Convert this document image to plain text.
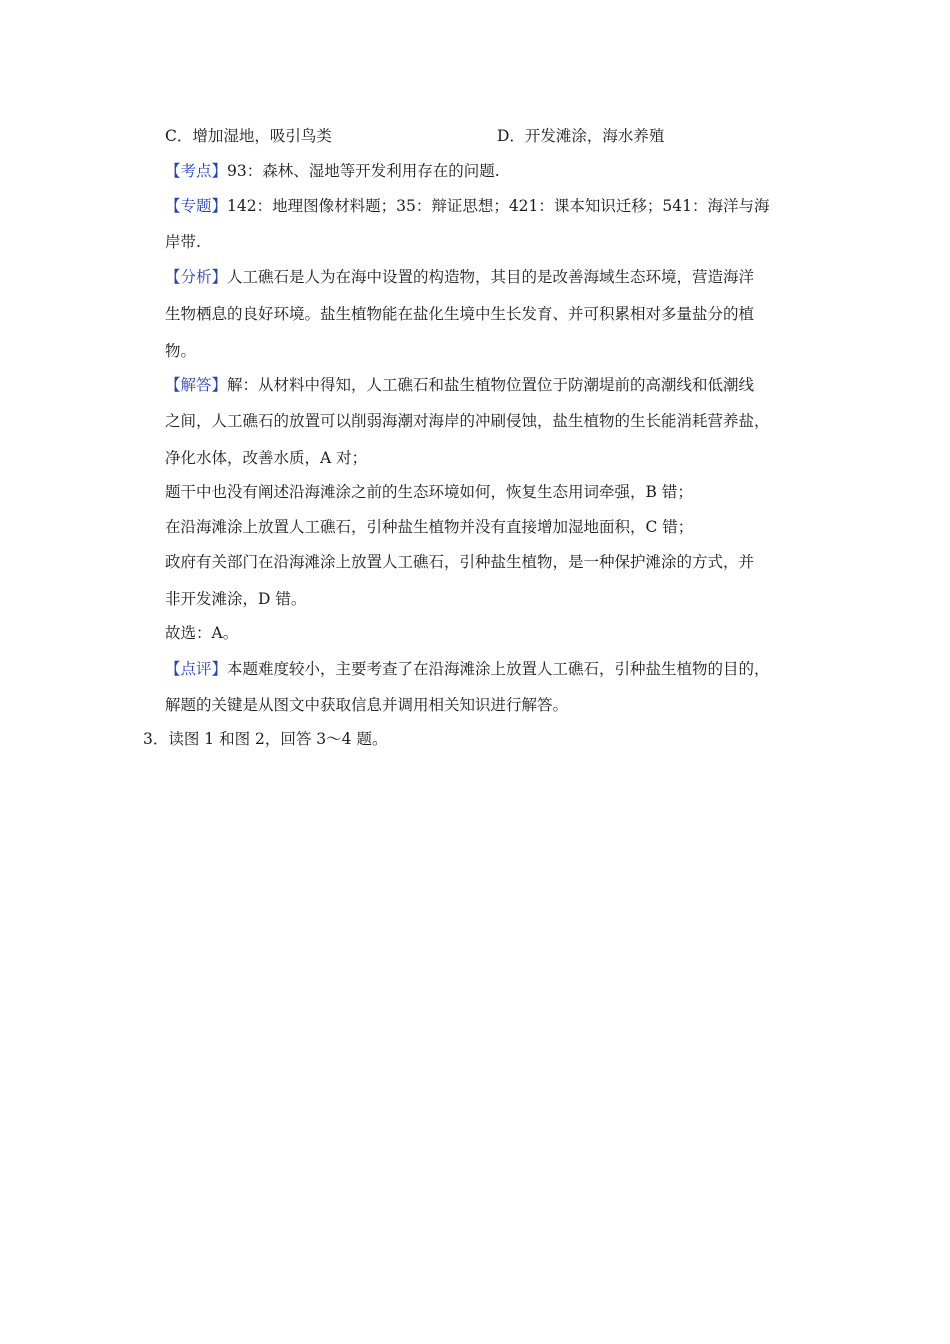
C．增加湿地，吸引鸟类	D．开发滩涂，海水养殖
【考点】93：森林、湿地等开发利用存在的问题.
【专题】142：地理图像材料题；35：辩证思想；421：课本知识迁移；541：海洋与海
岸带.
【分析】人工礁石是人为在海中设置的构造物，其目的是改善海域生态环境，营造海洋
生物栖息的良好环境。盐生植物能在盐化生境中生长发育、并可积累相对多量盐分的植
物。
【解答】解：从材料中得知，人工礁石和盐生植物位置位于防潮堤前的高潮线和低潮线
之间，人工礁石的放置可以削弱海潮对海岸的冲刷侵蚀，盐生植物的生长能消耗营养盐，
净化水体，改善水质，A 对；
题干中也没有阐述沿海滩涂之前的生态环境如何，恢复生态用词牵强，B 错；
在沿海滩涂上放置人工礁石，引种盐生植物并没有直接增加湿地面积，C 错；
政府有关部门在沿海滩涂上放置人工礁石，引种盐生植物，是一种保护滩涂的方式，并
非开发滩涂，D 错。
故选：A。
【点评】本题难度较小，主要考查了在沿海滩涂上放置人工礁石，引种盐生植物的目的，
解题的关键是从图文中获取信息并调用相关知识进行解答。
3．读图 1 和图 2，回答 3～4 题。
